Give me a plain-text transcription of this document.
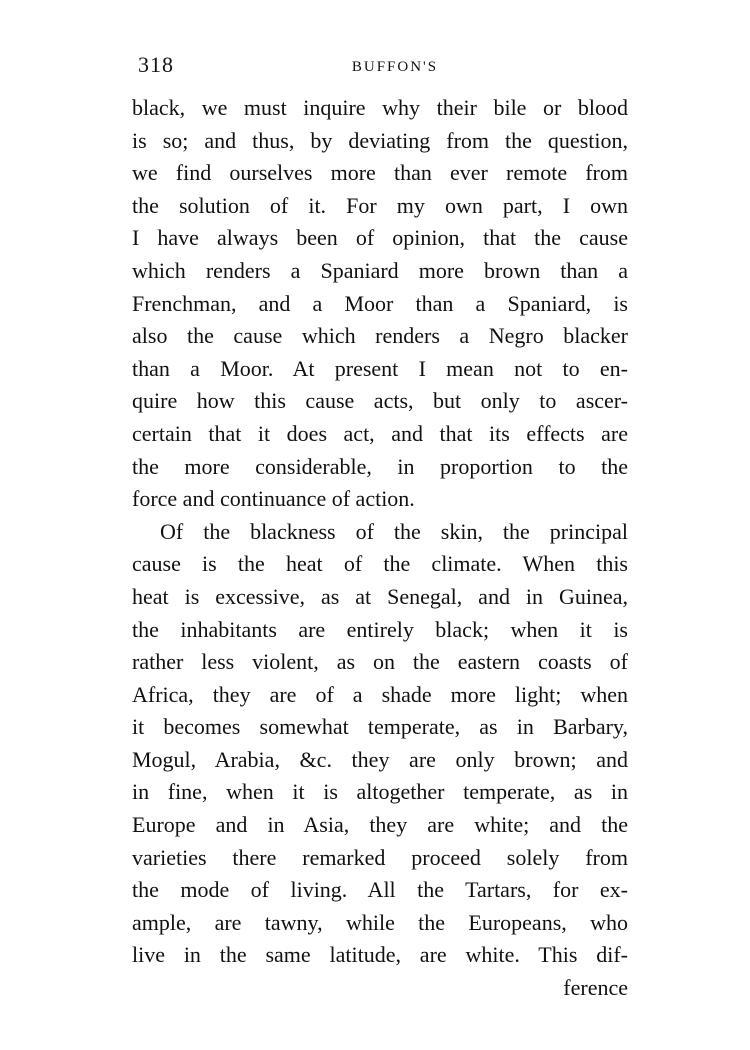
318	BUFFON'S
black, we must inquire why their bile or blood
is so; and thus, by deviating from the question,
we find ourselves more than ever remote from
the solution of it. For my own part, I own
I have always been of opinion, that the cause
which renders a Spaniard more brown than a
Frenchman, and a Moor than a Spaniard, is
also the cause which renders a Negro blacker
than a Moor. At present I mean not to en-
quire how this cause acts, but only to ascer-
certain that it does act, and that its effects are
the more considerable, in proportion to the
force and continuance of action.
Of the blackness of the skin, the principal
cause is the heat of the climate. When this
heat is excessive, as at Senegal, and in Guinea,
the inhabitants are entirely black; when it is
rather less violent, as on the eastern coasts of
Africa, they are of a shade more light; when
it becomes somewhat temperate, as in Barbary,
Mogul, Arabia, &c. they are only brown; and
in fine, when it is altogether temperate, as in
Europe and in Asia, they are white; and the
varieties there remarked proceed solely from
the mode of living. All the Tartars, for ex-
ample, are tawny, while the Europeans, who
live in the same latitude, are white. This dif-
ference
